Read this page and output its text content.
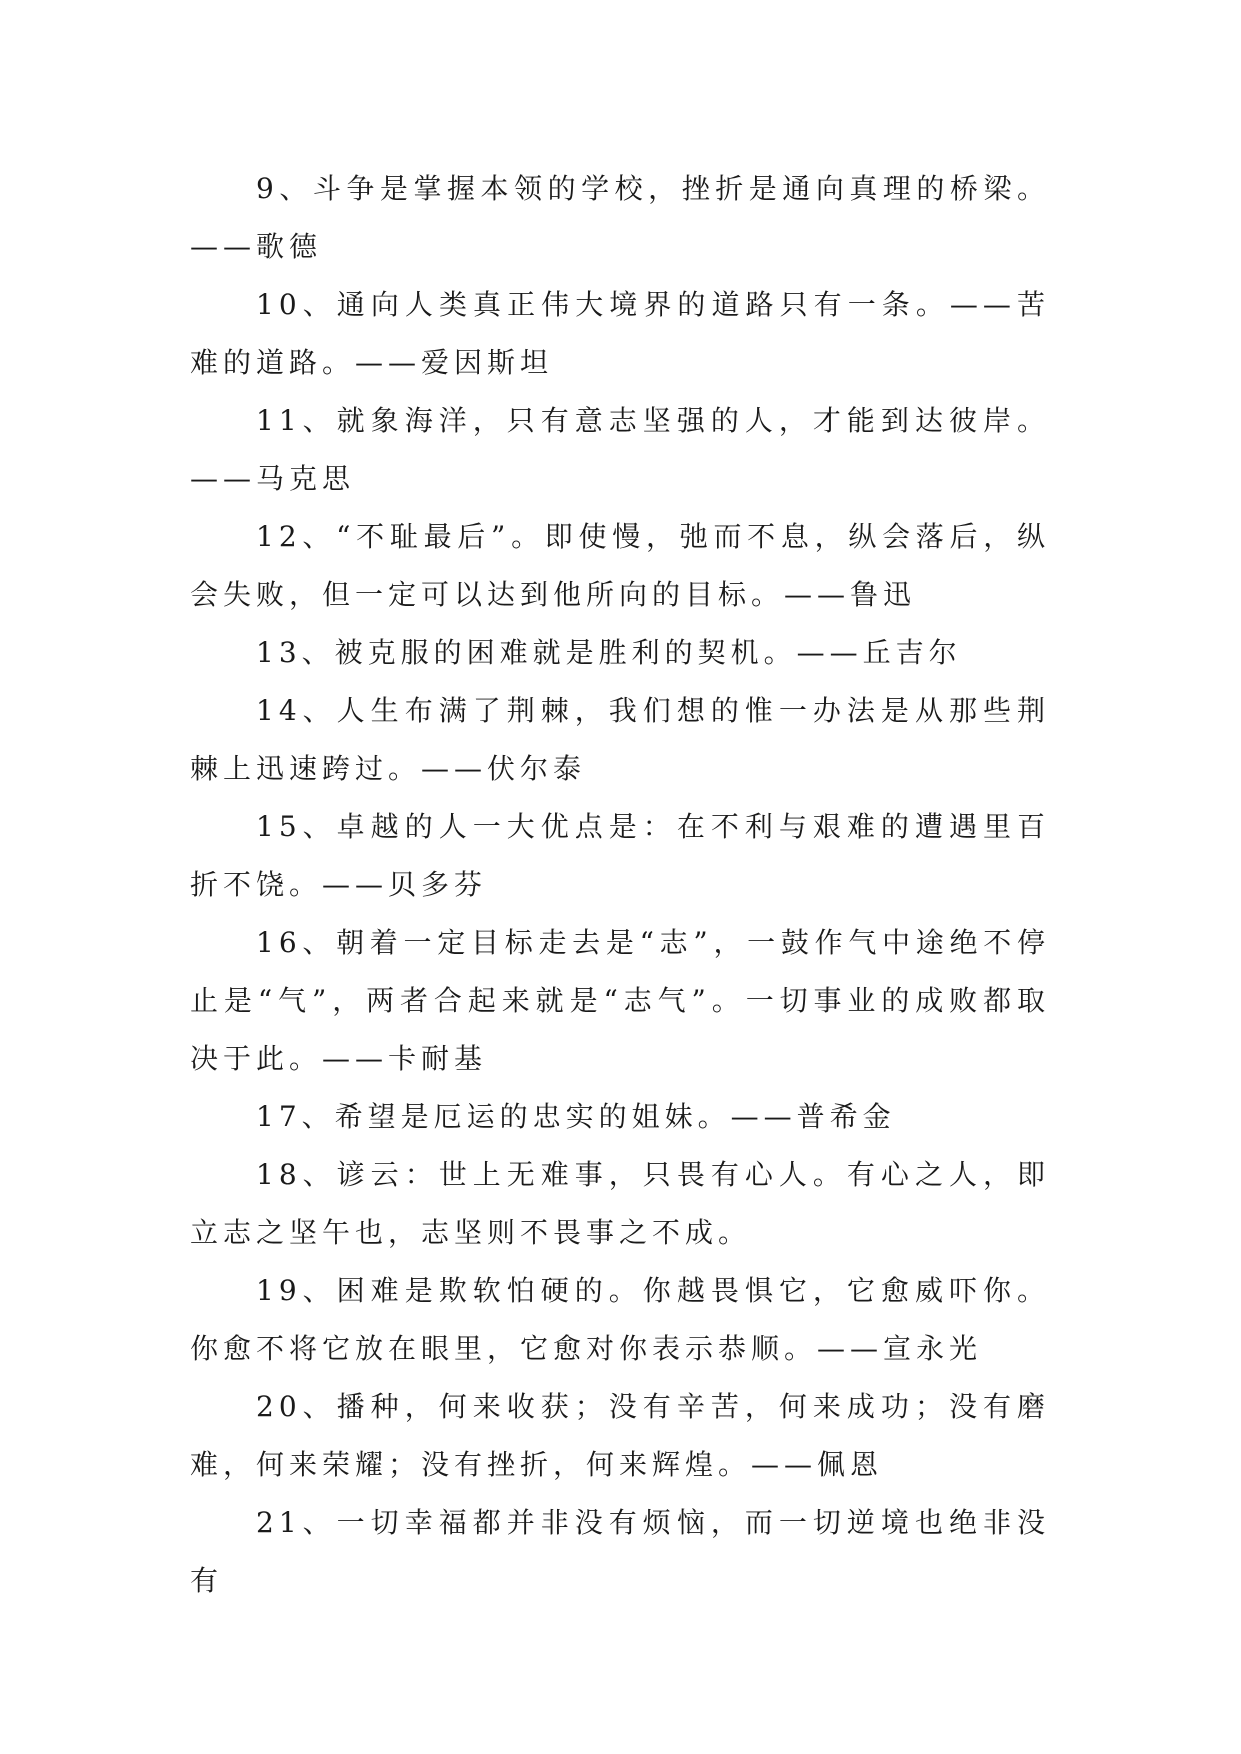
9、斗争是掌握本领的学校，挫折是通向真理的桥梁。——歌德

10、通向人类真正伟大境界的道路只有一条。——苦难的道路。——爱因斯坦

11、就象海洋，只有意志坚强的人，才能到达彼岸。——马克思

12、“不耻最后”。即使慢，弛而不息，纵会落后，纵会失败，但一定可以达到他所向的目标。——鲁迅

13、被克服的困难就是胜利的契机。——丘吉尔

14、人生布满了荆棘，我们想的惟一办法是从那些荆棘上迅速跨过。——伏尔泰

15、卓越的人一大优点是：在不利与艰难的遭遇里百折不饶。——贝多芬

16、朝着一定目标走去是“志”，一鼓作气中途绝不停止是“气”，两者合起来就是“志气”。一切事业的成败都取决于此。——卡耐基

17、希望是厄运的忠实的姐妹。——普希金

18、谚云：世上无难事，只畏有心人。有心之人，即立志之坚午也，志坚则不畏事之不成。

19、困难是欺软怕硬的。你越畏惧它，它愈威吓你。你愈不将它放在眼里，它愈对你表示恭顺。——宣永光

20、播种，何来收获；没有辛苦，何来成功；没有磨难，何来荣耀；没有挫折，何来辉煌。——佩恩

21、一切幸福都并非没有烦恼，而一切逆境也绝非没有
